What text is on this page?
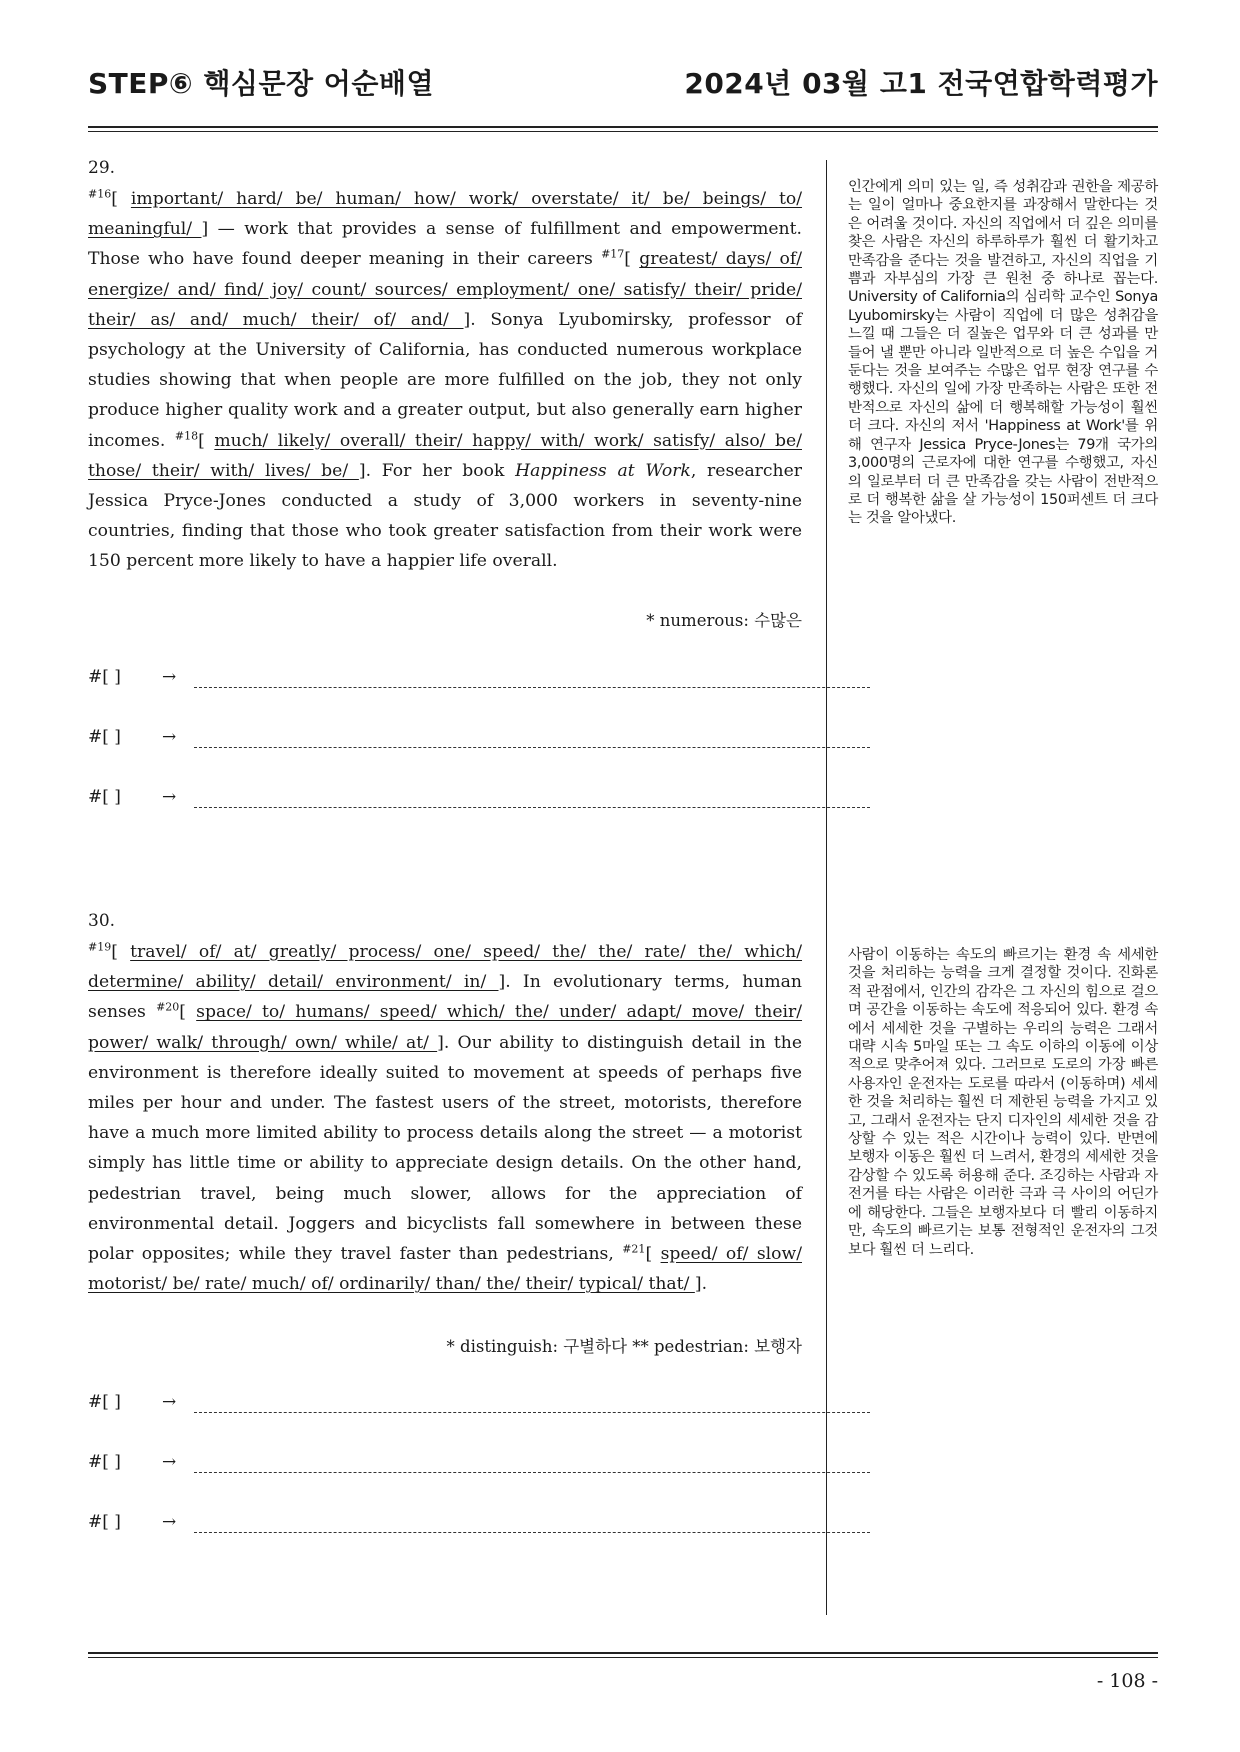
STEP⑥ 핵심문장 어순배열	2024년 03월 고1 전국연합학력평가
29.
$^{\#16}$[ important/ hard/ be/ human/ how/ work/ overstate/ it/ be/ beings/ to/ meaningful/ ] — work that provides a sense of fulfillment and empowerment. Those who have found deeper meaning in their careers $^{\#17}$[ greatest/ days/ of/ energize/ and/ find/ joy/ count/ sources/ employment/ one/ satisfy/ their/ pride/ their/ as/ and/ much/ their/ of/ and/ ]. Sonya Lyubomirsky, professor of psychology at the University of California, has conducted numerous workplace studies showing that when people are more fulfilled on the job, they not only produce higher quality work and a greater output, but also generally earn higher incomes. $^{\#18}$[ much/ likely/ overall/ their/ happy/ with/ work/ satisfy/ also/ be/ those/ their/ with/ lives/ be/ ]. For her book Happiness at Work, researcher Jessica Pryce-Jones conducted a study of 3,000 workers in seventy-nine countries, finding that those who took greater satisfaction from their work were 150 percent more likely to have a happier life overall.
* numerous: 수많은
#[ ] →
#[ ] →
#[ ] →
인간에게 의미 있는 일, 즉 성취감과 권한을 제공하는 일이 얼마나 중요한지를 과장해서 말한다는 것은 어려울 것이다. 자신의 직업에서 더 깊은 의미를 찾은 사람은 자신의 하루하루가 훨씬 더 활기차고 만족감을 준다는 것을 발견하고, 자신의 직업을 기쁨과 자부심의 가장 큰 원천 중 하나로 꼽는다. University of California의 심리학 교수인 Sonya Lyubomirsky는 사람이 직업에 더 많은 성취감을 느낄 때 그들은 더 질높은 업무와 더 큰 성과를 만들어 낼 뿐만 아니라 일반적으로 더 높은 수입을 거둔다는 것을 보여주는 수많은 업무 현장 연구를 수행했다. 자신의 일에 가장 만족하는 사람은 또한 전반적으로 자신의 삶에 더 행복해할 가능성이 훨씬 더 크다. 자신의 저서 'Happiness at Work'를 위해 연구자 Jessica Pryce-Jones는 79개 국가의 3,000명의 근로자에 대한 연구를 수행했고, 자신의 일로부터 더 큰 만족감을 갖는 사람이 전반적으로 더 행복한 삶을 살 가능성이 150퍼센트 더 크다는 것을 알아냈다.
30.
$^{\#19}$[ travel/ of/ at/ greatly/ process/ one/ speed/ the/ the/ rate/ the/ which/ determine/ ability/ detail/ environment/ in/ ]. In evolutionary terms, human senses $^{\#20}$[ space/ to/ humans/ speed/ which/ the/ under/ adapt/ move/ their/ power/ walk/ through/ own/ while/ at/ ]. Our ability to distinguish detail in the environment is therefore ideally suited to movement at speeds of perhaps five miles per hour and under. The fastest users of the street, motorists, therefore have a much more limited ability to process details along the street — a motorist simply has little time or ability to appreciate design details. On the other hand, pedestrian travel, being much slower, allows for the appreciation of environmental detail. Joggers and bicyclists fall somewhere in between these polar opposites; while they travel faster than pedestrians, $^{\#21}$[ speed/ of/ slow/ motorist/ be/ rate/ much/ of/ ordinarily/ than/ the/ their/ typical/ that/ ].
* distinguish: 구별하다 ** pedestrian: 보행자
#[ ] →
#[ ] →
#[ ] →
사람이 이동하는 속도의 빠르기는 환경 속 세세한 것을 처리하는 능력을 크게 결정할 것이다. 진화론적 관점에서, 인간의 감각은 그 자신의 힘으로 걸으며 공간을 이동하는 속도에 적응되어 있다. 환경 속에서 세세한 것을 구별하는 우리의 능력은 그래서 대략 시속 5마일 또는 그 속도 이하의 이동에 이상적으로 맞추어져 있다. 그러므로 도로의 가장 빠른 사용자인 운전자는 도로를 따라서 (이동하며) 세세한 것을 처리하는 훨씬 더 제한된 능력을 가지고 있고, 그래서 운전자는 단지 디자인의 세세한 것을 감상할 수 있는 적은 시간이나 능력이 있다. 반면에 보행자 이동은 훨씬 더 느려서, 환경의 세세한 것을 감상할 수 있도록 허용해 준다. 조깅하는 사람과 자전거를 타는 사람은 이러한 극과 극 사이의 어딘가에 해당한다. 그들은 보행자보다 더 빨리 이동하지만, 속도의 빠르기는 보통 전형적인 운전자의 그것보다 훨씬 더 느리다.
- 108 -
